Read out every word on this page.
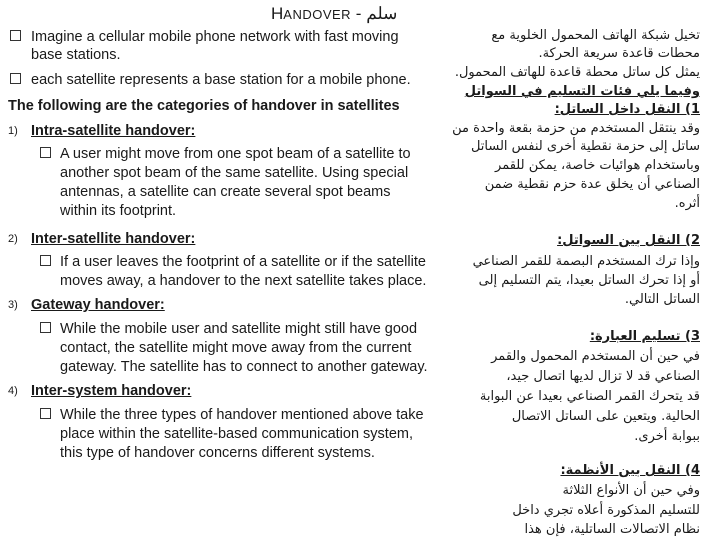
HANDOVER - سلم
Imagine a cellular mobile phone network with fast moving
base stations.
each satellite represents a base station for a mobile phone.
The following are the categories of handover in satellites
1) Intra-satellite handover:
A user might move from one spot beam of a satellite to
another spot beam of the same satellite. Using special
antennas, a satellite can create several spot beams
within its footprint.
2) Inter-satellite handover:
If a user leaves the footprint of a satellite or if the satellite
moves away, a handover to the next satellite takes place.
3) Gateway handover:
While the mobile user and satellite might still have good
contact, the satellite might move away from the current
gateway. The satellite has to connect to another gateway.
4) Inter-system handover:
While the three types of handover mentioned above take
place within the satellite-based communication system,
this type of handover concerns different systems.
تخيل شبكة الهاتف المحمول الخلوية مع
محطات قاعدة سريعة الحركة.
يمثل كل ساتل محطة قاعدة للهاتف المحمول.
وفيما يلي فئات التسليم في السواتل
1) النقل داخل الساتل:
وقد ينتقل المستخدم من حزمة بقعة واحدة من
ساتل إلى حزمة نقطية أخرى لنفس الساتل
وباستخدام هوائيات خاصة، يمكن للقمر
الصناعي أن يخلق عدة حزم نقطية ضمن
أثره.
2) النقل بين السواتل:
وإذا ترك المستخدم البصمة للقمر الصناعي
أو إذا تحرك الساتل بعيدا، يتم التسليم إلى
الساتل التالي.
3) تسليم العبارة:
في حين أن المستخدم المحمول والقمر
الصناعي قد لا تزال لديها اتصال جيد،
قد يتحرك القمر الصناعي بعيدا عن البوابة
الحالية. ويتعين على الساتل الاتصال
ببوابة أخرى.
4) النقل بين الأنظمة:
وفي حين أن الأنواع الثلاثة
للتسليم المذكورة أعلاه تجري داخل
نظام الاتصالات الساتلية، فإن هذا
